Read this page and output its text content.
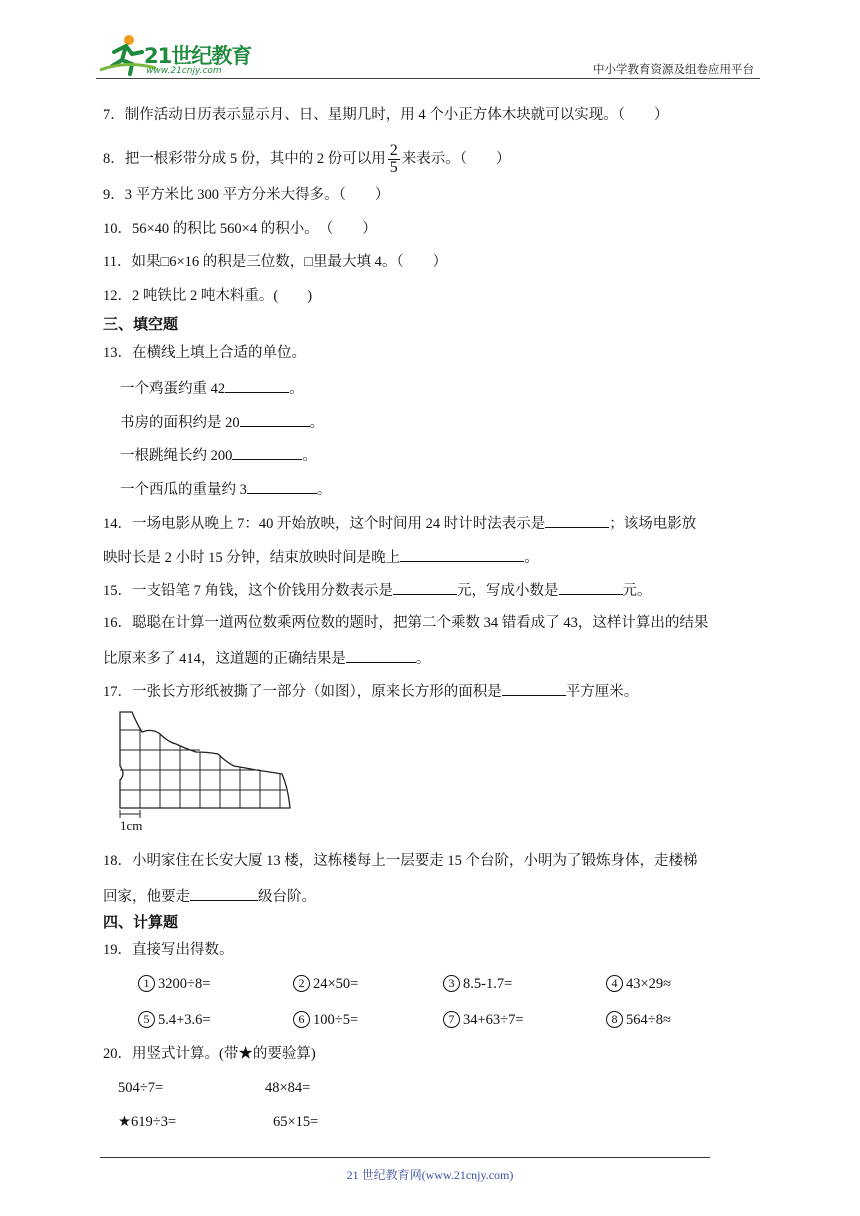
21世纪教育
www.21cnjy.com	中小学教育资源及组卷应用平台
7．制作活动日历表示显示月、日、星期几时，用 4 个小正方体木块就可以实现。（　　）
8．把一根彩带分成 5 份，其中的 2 份可以用 $\frac{2}{5}$ 来表示。（　　）
9．3 平方米比 300 平方分米大得多。（　　）
10．56×40 的积比 560×4 的积小。　（　　）
11．如果□6×16 的积是三位数，□里最大填 4。（　　）
12．2 吨铁比 2 吨木料重。(　　)
三、填空题
13．在横线上填上合适的单位。
一个鸡蛋约重 42	。
书房的面积约是 20	。
一根跳绳长约 200	。
一个西瓜的重量约 3	。
14．一场电影从晚上 7：40 开始放映，这个时间用 24 时计时法表示是	；该场电影放
映时长是 2 小时 15 分钟，结束放映时间是晚上	。
15．一支铅笔 7 角钱，这个价钱用分数表示是	元，写成小数是	元。
16．聪聪在计算一道两位数乘两位数的题时，把第二个乘数 34 错看成了 43，这样计算出的结果
比原来多了 414，这道题的正确结果是	。
17．一张长方形纸被撕了一部分（如图），原来长方形的面积是	平方厘米。
1cm
18．小明家住在长安大厦 13 楼，这栋楼每上一层要走 15 个台阶，小明为了锻炼身体，走楼梯
回家，他要走	级台阶。
四、计算题
19．直接写出得数。
1 3200÷8=	2 24×50=	3 8.5-1.7=	4 43×29≈
5 5.4+3.6=	6 100÷5=	7 34+63÷7=	8 564÷8≈
20．用竖式计算。(带★的要验算)
504÷7=	48×84=
★619÷3=	65×15=
21 世纪教育网(www.21cnjy.com)
